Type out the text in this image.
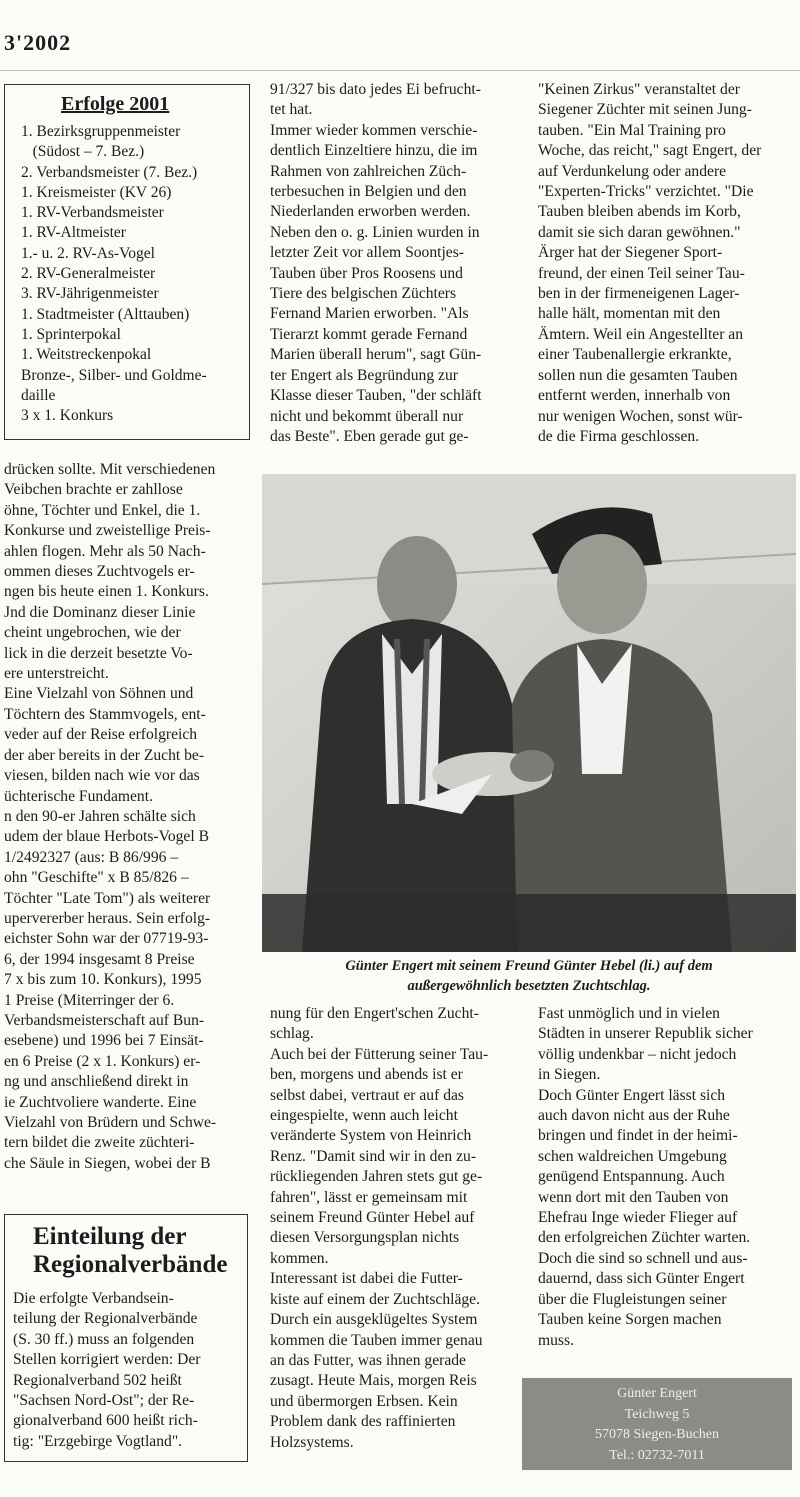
3'2002
Erfolge 2001
1. Bezirksgruppenmeister
(Südost – 7. Bez.)
2. Verbandsmeister (7. Bez.)
1. Kreismeister (KV 26)
1. RV-Verbandsmeister
1. RV-Altmeister
1.- u. 2. RV-As-Vogel
2. RV-Generalmeister
3. RV-Jährigenmeister
1. Stadtmeister (Alttauben)
1. Sprinterpokal
1. Weitstreckenpokal
Bronze-, Silber- und Goldme-
daille
3 x 1. Konkurs
drücken sollte. Mit verschiedenen
Veibchen brachte er zahllose
öhne, Töchter und Enkel, die 1.
Konkurse und zweistellige Preis-
ahlen flogen. Mehr als 50 Nach-
ommen dieses Zuchtvogels er-
ngen bis heute einen 1. Konkurs.
Jnd die Dominanz dieser Linie
cheint ungebrochen, wie der
lick in die derzeit besetzte Vo-
ere unterstreicht.
Eine Vielzahl von Söhnen und
Töchtern des Stammvogels, ent-
veder auf der Reise erfolgreich
der aber bereits in der Zucht be-
viesen, bilden nach wie vor das
üchterische Fundament.
n den 90-er Jahren schälte sich
udem der blaue Herbots-Vogel B
1/2492327 (aus: B 86/996 –
ohn "Geschifte" x B 85/826 –
Töchter "Late Tom") als weiterer
upervererber heraus. Sein erfolg-
eichster Sohn war der 07719-93-
6, der 1994 insgesamt 8 Preise
7 x bis zum 10. Konkurs), 1995
1 Preise (Miterringer der 6.
Verbandsmeisterschaft auf Bun-
esebene) und 1996 bei 7 Einsät-
en 6 Preise (2 x 1. Konkurs) er-
ng und anschließend direkt in
ie Zuchtvoliere wanderte. Eine
Vielzahl von Brüdern und Schwe-
tern bildet die zweite züchteri-
che Säule in Siegen, wobei der B
91/327 bis dato jedes Ei befrucht-
tet hat.
Immer wieder kommen verschie-
dentlich Einzeltiere hinzu, die im
Rahmen von zahlreichen Züch-
terbesuchen in Belgien und den
Niederlanden erworben werden.
Neben den o. g. Linien wurden in
letzter Zeit vor allem Soontjes-
Tauben über Pros Roosens und
Tiere des belgischen Züchters
Fernand Marien erworben. "Als
Tierarzt kommt gerade Fernand
Marien überall herum", sagt Gün-
ter Engert als Begründung zur
Klasse dieser Tauben, "der schläft
nicht und bekommt überall nur
das Beste". Eben gerade gut ge-
"Keinen Zirkus" veranstaltet der
Siegener Züchter mit seinen Jung-
tauben. "Ein Mal Training pro
Woche, das reicht," sagt Engert, der
auf Verdunkelung oder andere
"Experten-Tricks" verzichtet. "Die
Tauben bleiben abends im Korb,
damit sie sich daran gewöhnen."
Ärger hat der Siegener Sport-
freund, der einen Teil seiner Tau-
ben in der firmeneigenen Lager-
halle hält, momentan mit den
Ämtern. Weil ein Angestellter an
einer Taubenallergie erkrankte,
sollen nun die gesamten Tauben
entfernt werden, innerhalb von
nur wenigen Wochen, sonst wür-
de die Firma geschlossen.
Günter Engert mit seinem Freund Günter Hebel (li.) auf dem
außergewöhnlich besetzten Zuchtschlag.
nung für den Engert'schen Zucht-
schlag.
Auch bei der Fütterung seiner Tau-
ben, morgens und abends ist er
selbst dabei, vertraut er auf das
eingespielte, wenn auch leicht
veränderte System von Heinrich
Renz. "Damit sind wir in den zu-
rückliegenden Jahren stets gut ge-
fahren", lässt er gemeinsam mit
seinem Freund Günter Hebel auf
diesen Versorgungsplan nichts
kommen.
Interessant ist dabei die Futter-
kiste auf einem der Zuchtschläge.
Durch ein ausgeklügeltes System
kommen die Tauben immer genau
an das Futter, was ihnen gerade
zusagt. Heute Mais, morgen Reis
und übermorgen Erbsen. Kein
Problem dank des raffinierten
Holzsystems.
Fast unmöglich und in vielen
Städten in unserer Republik sicher
völlig undenkbar – nicht jedoch
in Siegen.
Doch Günter Engert lässt sich
auch davon nicht aus der Ruhe
bringen und findet in der heimi-
schen waldreichen Umgebung
genügend Entspannung. Auch
wenn dort mit den Tauben von
Ehefrau Inge wieder Flieger auf
den erfolgreichen Züchter warten.
Doch die sind so schnell und aus-
dauernd, dass sich Günter Engert
über die Flugleistungen seiner
Tauben keine Sorgen machen
muss.
Einteilung der
Regionalverbände
Die erfolgte Verbandsein-
teilung der Regionalverbände
(S. 30 ff.) muss an folgenden
Stellen korrigiert werden: Der
Regionalverband 502 heißt
"Sachsen Nord-Ost"; der Re-
gionalverband 600 heißt rich-
tig: "Erzgebirge Vogtland".
Günter Engert
Teichweg 5
57078 Siegen-Buchen
Tel.: 02732-7011
